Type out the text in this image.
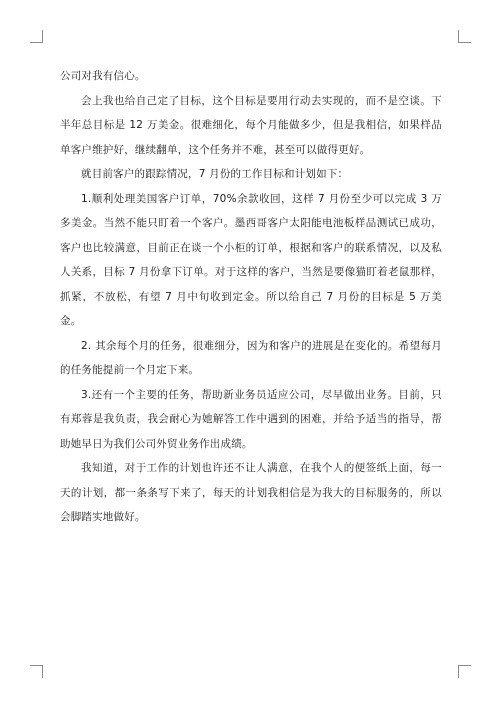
公司对我有信心。

会上我也给自己定了目标，这个目标是要用行动去实现的，而不是空谈。下半年总目标是 12 万美金。很难细化，每个月能做多少，但是我相信，如果样品单客户维护好，继续翻单，这个任务并不难，甚至可以做得更好。

就目前客户的跟踪情况，7 月份的工作目标和计划如下：

1.顺利处理美国客户订单，70%余款收回，这样 7 月份至少可以完成 3 万多美金。当然不能只盯着一个客户。墨西哥客户太阳能电池板样品测试已成功，客户也比较满意，目前正在谈一个小柜的订单，根据和客户的联系情况，以及私人关系，目标 7 月份拿下订单。对于这样的客户，当然是要像猫盯着老鼠那样，抓紧，不放松，有望 7 月中旬收到定金。所以给自己 7 月份的目标是 5 万美金。

2. 其余每个月的任务，很难细分，因为和客户的进展是在变化的。希望每月的任务能提前一个月定下来。

3.还有一个主要的任务，帮助新业务员适应公司，尽早做出业务。目前，只有郑蓉是我负责，我会耐心为她解答工作中遇到的困难，并给予适当的指导，帮助她早日为我们公司外贸业务作出成绩。

我知道，对于工作的计划也许还不让人满意，在我个人的便签纸上面，每一天的计划，都一条条写下来了，每天的计划我相信是为我大的目标服务的，所以会脚踏实地做好。
